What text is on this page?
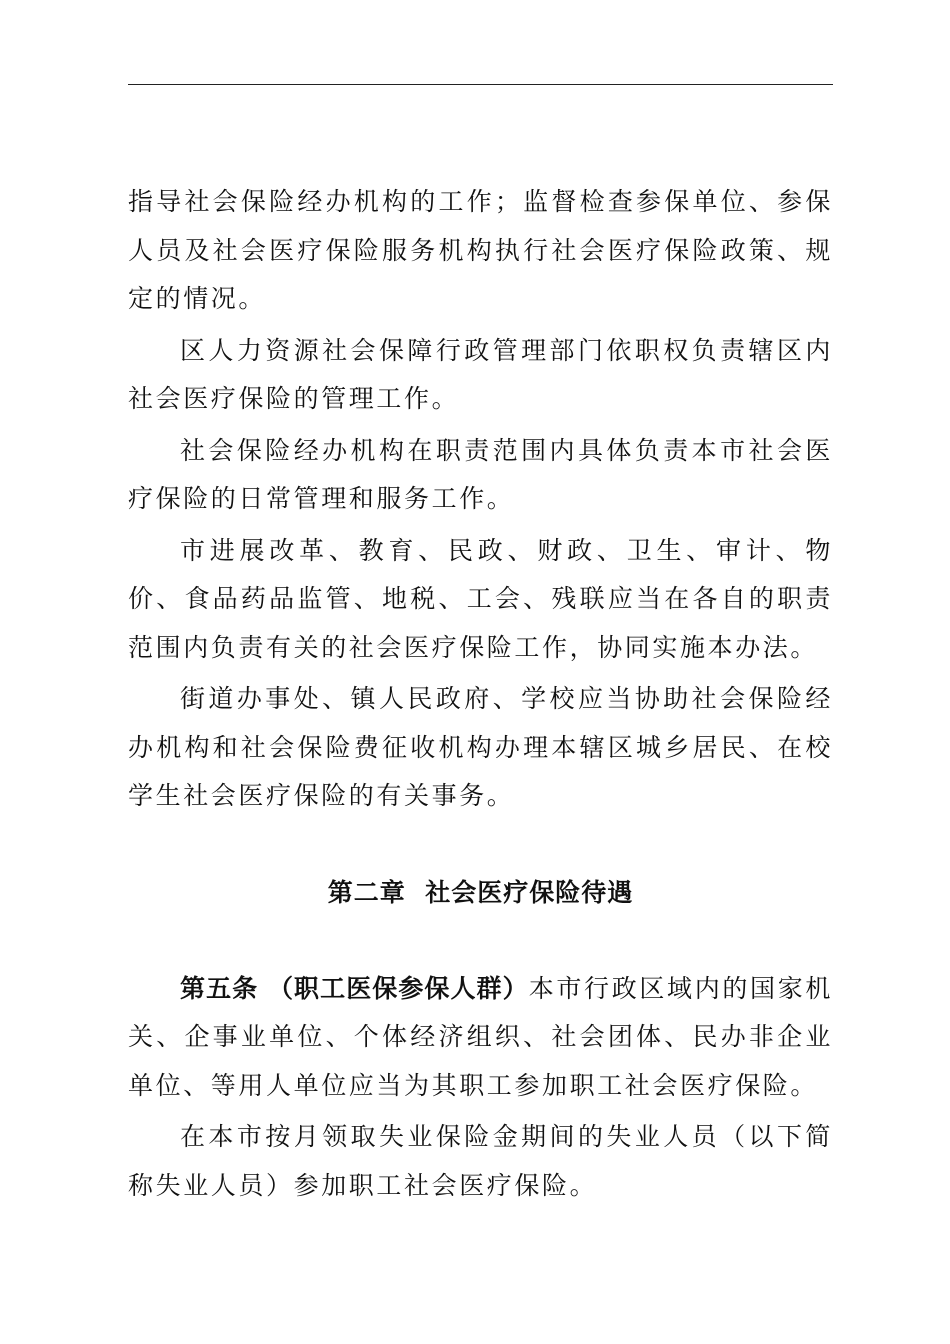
指导社会保险经办机构的工作；监督检查参保单位、参保人员及社会医疗保险服务机构执行社会医疗保险政策、规定的情况。

区人力资源社会保障行政管理部门依职权负责辖区内社会医疗保险的管理工作。

社会保险经办机构在职责范围内具体负责本市社会医疗保险的日常管理和服务工作。

市进展改革、教育、民政、财政、卫生、审计、物价、食品药品监管、地税、工会、残联应当在各自的职责范围内负责有关的社会医疗保险工作，协同实施本办法。

街道办事处、镇人民政府、学校应当协助社会保险经办机构和社会保险费征收机构办理本辖区城乡居民、在校学生社会医疗保险的有关事务。

第二章  社会医疗保险待遇

第五条 （职工医保参保人群）本市行政区域内的国家机关、企事业单位、个体经济组织、社会团体、民办非企业单位、等用人单位应当为其职工参加职工社会医疗保险。

在本市按月领取失业保险金期间的失业人员（以下简称失业人员）参加职工社会医疗保险。
